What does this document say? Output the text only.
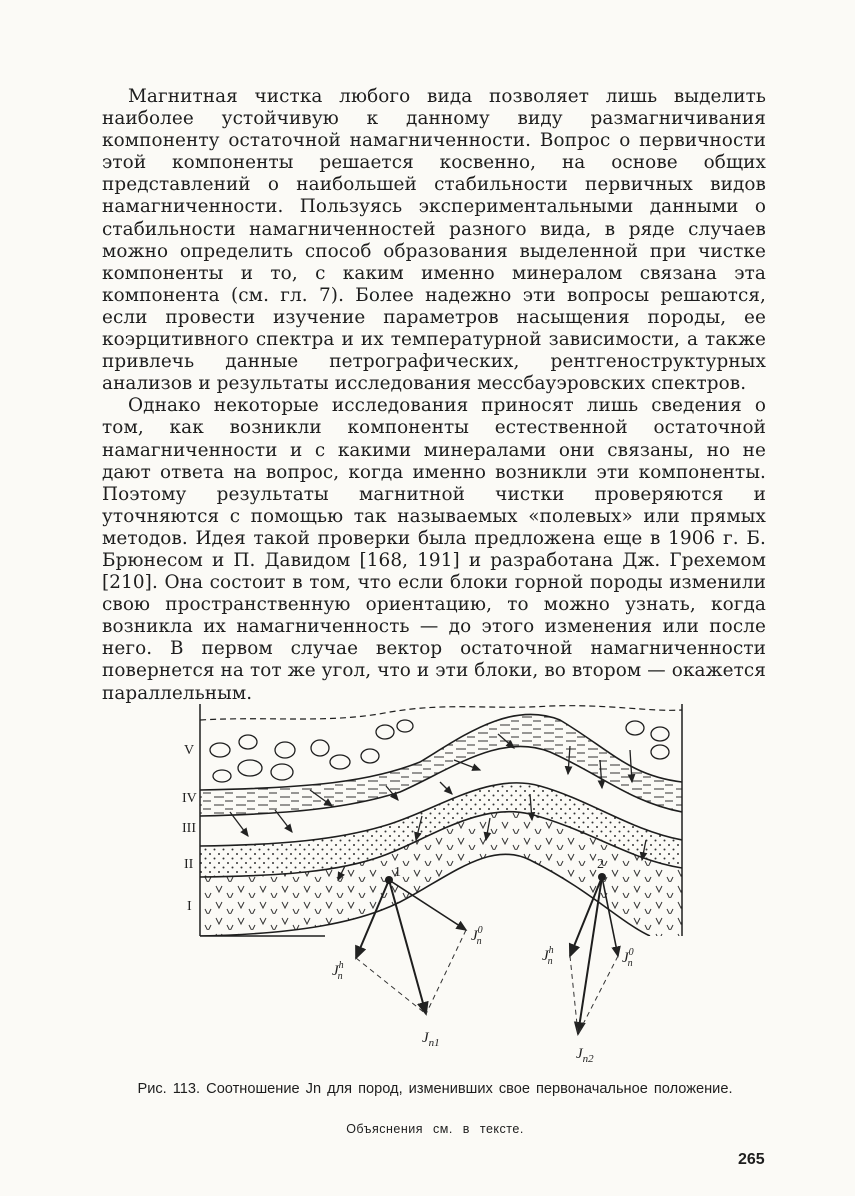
Магнитная чистка любого вида позволяет лишь выделить наиболее устойчивую к данному виду размагничивания компоненту остаточной намагниченности. Вопрос о первичности этой компоненты решается косвенно, на основе общих представлений о наибольшей стабильности первичных видов намагниченности. Пользуясь экспериментальными данными о стабильности намагниченностей разного вида, в ряде случаев можно определить способ образования выделенной при чистке компоненты и то, с каким именно минералом связана эта компонента (см. гл. 7). Более надежно эти вопросы решаются, если провести изучение параметров насыщения породы, ее коэрцитивного спектра и их температурной зависимости, а также привлечь данные петрографических, рентгеноструктурных анализов и результаты исследования мессбауэровских спектров.

Однако некоторые исследования приносят лишь сведения о том, как возникли компоненты естественной остаточной намагниченности и с какими минералами они связаны, но не дают ответа на вопрос, когда именно возникли эти компоненты. Поэтому результаты магнитной чистки проверяются и уточняются с помощью так называемых «полевых» или прямых методов. Идея такой проверки была предложена еще в 1906 г. Б. Брюнесом и П. Давидом [168, 191] и разработана Дж. Грехемом [210]. Она состоит в том, что если блоки горной породы изменили свою пространственную ориентацию, то можно узнать, когда возникла их намагниченность — до этого изменения или после него. В первом случае вектор остаточной намагниченности повернется на тот же угол, что и эти блоки, во втором — окажется параллельным.

V
IV
III
II
I
1
$J^h$ n
$J^0$ n
$J_{n1}$
2
$J^h$ n	$J^0$ n
$J_{n2}$
Рис. 113. Соотношение Jn для пород, изменивших свое первоначальное положение.
Объяснения см. в тексте.
265
